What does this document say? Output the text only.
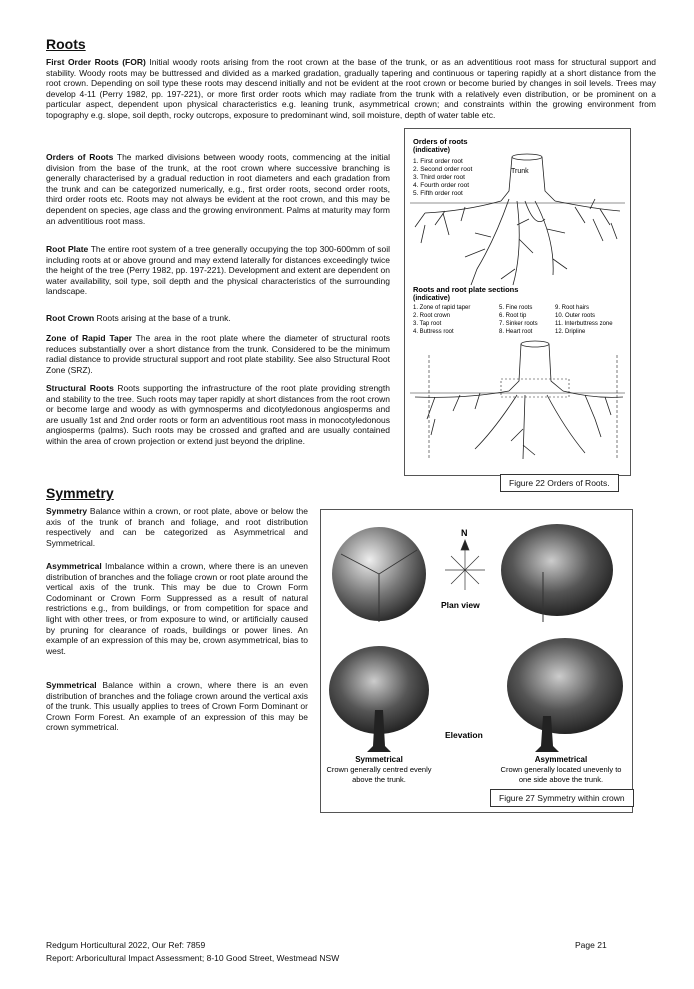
Roots

First Order Roots (FOR) Initial woody roots arising from the root crown at the base of the trunk, or as an adventitious root mass for structural support and stability. Woody roots may be buttressed and divided as a marked gradation, gradually tapering and continuous or tapering rapidly at a short distance from the root crown. Depending on soil type these roots may descend initially and not be evident at the root crown or become buried by changes in soil levels. Trees may develop 4-11 (Perry 1982, pp. 197-221), or more first order roots which may radiate from the trunk with a relatively even distribution, or be prominent on a particular aspect, dependent upon physical characteristics e.g. leaning trunk, asymmetrical crown; and constraints within the growing environment from topography e.g. slope, soil depth, rocky outcrops, exposure to predominant wind, soil moisture, depth of water table etc.

Orders of Roots The marked divisions between woody roots, commencing at the initial division from the base of the trunk, at the root crown where successive branching is generally characterised by a gradual reduction in root diameters and each gradation from the trunk and can be categorized numerically, e.g., first order roots, second order roots, third order roots etc. Roots may not always be evident at the root crown, and this may be dependent on species, age class and the growing environment. Palms at maturity may form an adventitious root mass.

Root Plate The entire root system of a tree generally occupying the top 300-600mm of soil including roots at or above ground and may extend laterally for distances exceedingly twice the height of the tree (Perry 1982, pp. 197-221). Development and extent are dependent on water availability, soil type, soil depth and the physical characteristics of the surrounding landscape.

Root Crown Roots arising at the base of a trunk.

Zone of Rapid Taper The area in the root plate where the diameter of structural roots reduces substantially over a short distance from the trunk. Considered to be the minimum radial distance to provide structural support and root plate stability. See also Structural Root Zone (SRZ).

Structural Roots Roots supporting the infrastructure of the root plate providing strength and stability to the tree. Such roots may taper rapidly at short distances from the root crown or become large and woody as with gymnosperms and dicotyledonous angiosperms and are usually 1st and 2nd order roots or form an adventitious root mass in monocotyledonous angiosperms (palms). Such roots may be crossed and grafted and are usually contained within the area of crown projection or extend just beyond the dripline.

Orders of roots
(indicative)
1. First order root
2. Second order root
3. Third order root
4. Fourth order root
5. Fifth order root
Trunk
Roots and root plate sections
(indicative)
1. Zone of rapid taper
2. Root crown
3. Tap root
4. Buttress root
5. Fine roots
6. Root tip
7. Sinker roots
8. Heart root
9. Root hairs
10. Outer roots
11. Interbuttress zone
12. Dripline
Figure 22 Orders of Roots.
Symmetry

Symmetry Balance within a crown, or root plate, above or below the axis of the trunk of branch and foliage, and root distribution respectively and can be categorized as Asymmetrical and Symmetrical.

Asymmetrical Imbalance within a crown, where there is an uneven distribution of branches and the foliage crown or root plate around the vertical axis of the trunk. This may be due to Crown Form Codominant or Crown Form Suppressed as a result of natural restrictions e.g., from buildings, or from competition for space and light with other trees, or from exposure to wind, or artificially caused by pruning for clearance of roads, buildings or power lines. An example of an expression of this may be, crown asymmetrical, bias to west.

Symmetrical Balance within a crown, where there is an even distribution of branches and the foliage crown around the vertical axis of the trunk. This usually applies to trees of Crown Form Dominant or Crown Form Forest. An example of an expression of this may be crown symmetrical.

N
Plan view
Elevation
Symmetrical
Crown generally centred evenly
above the trunk.
Asymmetrical
Crown generally located unevenly to
one side above the trunk.
Figure 27 Symmetry within crown
Redgum Horticultural 2022, Our Ref: 7859
Report: Arboricultural Impact Assessment; 8-10 Good Street, Westmead NSW
Page 21
